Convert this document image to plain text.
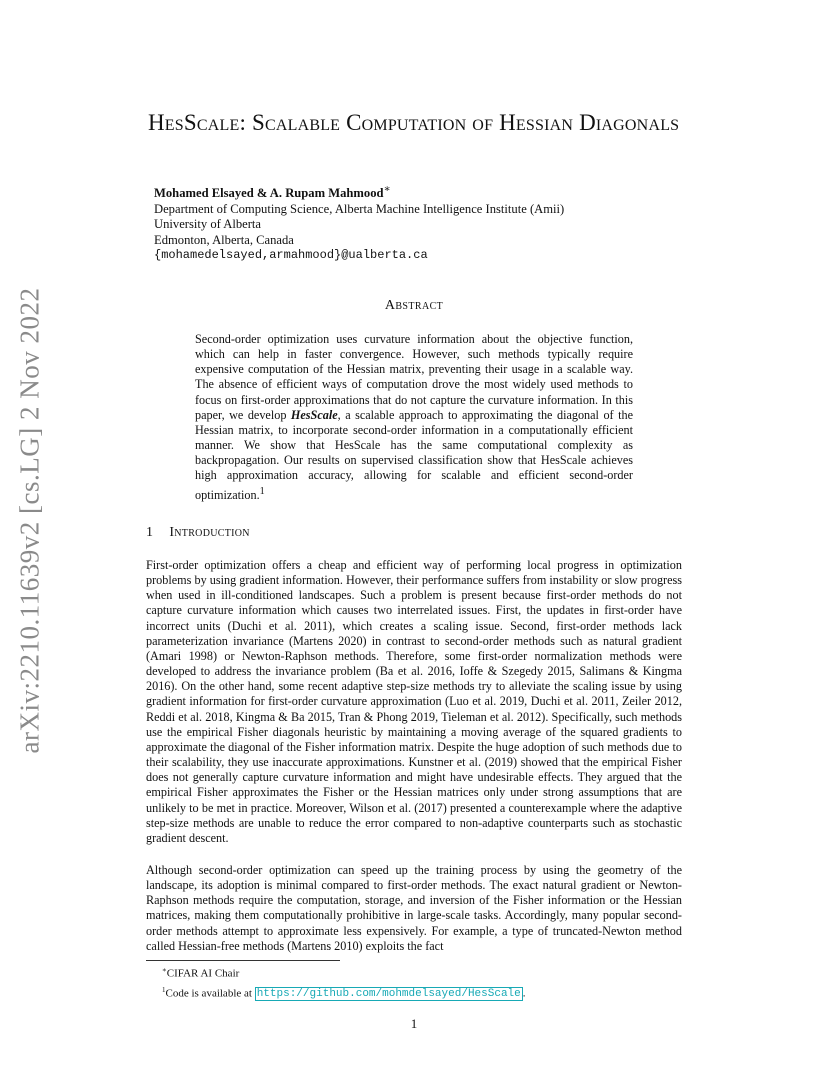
arXiv:2210.11639v2 [cs.LG] 2 Nov 2022
HesScale: Scalable Computation of Hessian Diagonals
Mohamed Elsayed & A. Rupam Mahmood∗
Department of Computing Science, Alberta Machine Intelligence Institute (Amii)
University of Alberta
Edmonton, Alberta, Canada
{mohamedelsayed,armahmood}@ualberta.ca
Abstract

Second-order optimization uses curvature information about the objective function, which can help in faster convergence. However, such methods typically require expensive computation of the Hessian matrix, preventing their usage in a scalable way. The absence of efficient ways of computation drove the most widely used methods to focus on first-order approximations that do not capture the curvature information. In this paper, we develop HesScale, a scalable approach to approximating the diagonal of the Hessian matrix, to incorporate second-order information in a computationally efficient manner. We show that HesScale has the same computational complexity as backpropagation. Our results on supervised classification show that HesScale achieves high approximation accuracy, allowing for scalable and efficient second-order optimization.$^1$

1 Introduction

First-order optimization offers a cheap and efficient way of performing local progress in optimization problems by using gradient information. However, their performance suffers from instability or slow progress when used in ill-conditioned landscapes. Such a problem is present because first-order methods do not capture curvature information which causes two interrelated issues. First, the updates in first-order have incorrect units (Duchi et al. 2011), which creates a scaling issue. Second, first-order methods lack parameterization invariance (Martens 2020) in contrast to second-order methods such as natural gradient (Amari 1998) or Newton-Raphson methods. Therefore, some first-order normalization methods were developed to address the invariance problem (Ba et al. 2016, Ioffe & Szegedy 2015, Salimans & Kingma 2016). On the other hand, some recent adaptive step-size methods try to alleviate the scaling issue by using gradient information for first-order curvature approximation (Luo et al. 2019, Duchi et al. 2011, Zeiler 2012, Reddi et al. 2018, Kingma & Ba 2015, Tran & Phong 2019, Tieleman et al. 2012). Specifically, such methods use the empirical Fisher diagonals heuristic by maintaining a moving average of the squared gradients to approximate the diagonal of the Fisher information matrix. Despite the huge adoption of such methods due to their scalability, they use inaccurate approximations. Kunstner et al. (2019) showed that the empirical Fisher does not generally capture curvature information and might have undesirable effects. They argued that the empirical Fisher approximates the Fisher or the Hessian matrices only under strong assumptions that are unlikely to be met in practice. Moreover, Wilson et al. (2017) presented a counterexample where the adaptive step-size methods are unable to reduce the error compared to non-adaptive counterparts such as stochastic gradient descent.

Although second-order optimization can speed up the training process by using the geometry of the landscape, its adoption is minimal compared to first-order methods. The exact natural gradient or Newton-Raphson methods require the computation, storage, and inversion of the Fisher information or the Hessian matrices, making them computationally prohibitive in large-scale tasks. Accordingly, many popular second-order methods attempt to approximate less expensively. For example, a type of truncated-Newton method called Hessian-free methods (Martens 2010) exploits the fact

∗CIFAR AI Chair
$^1$Code is available at https://github.com/mohmdelsayed/HesScale .
1
